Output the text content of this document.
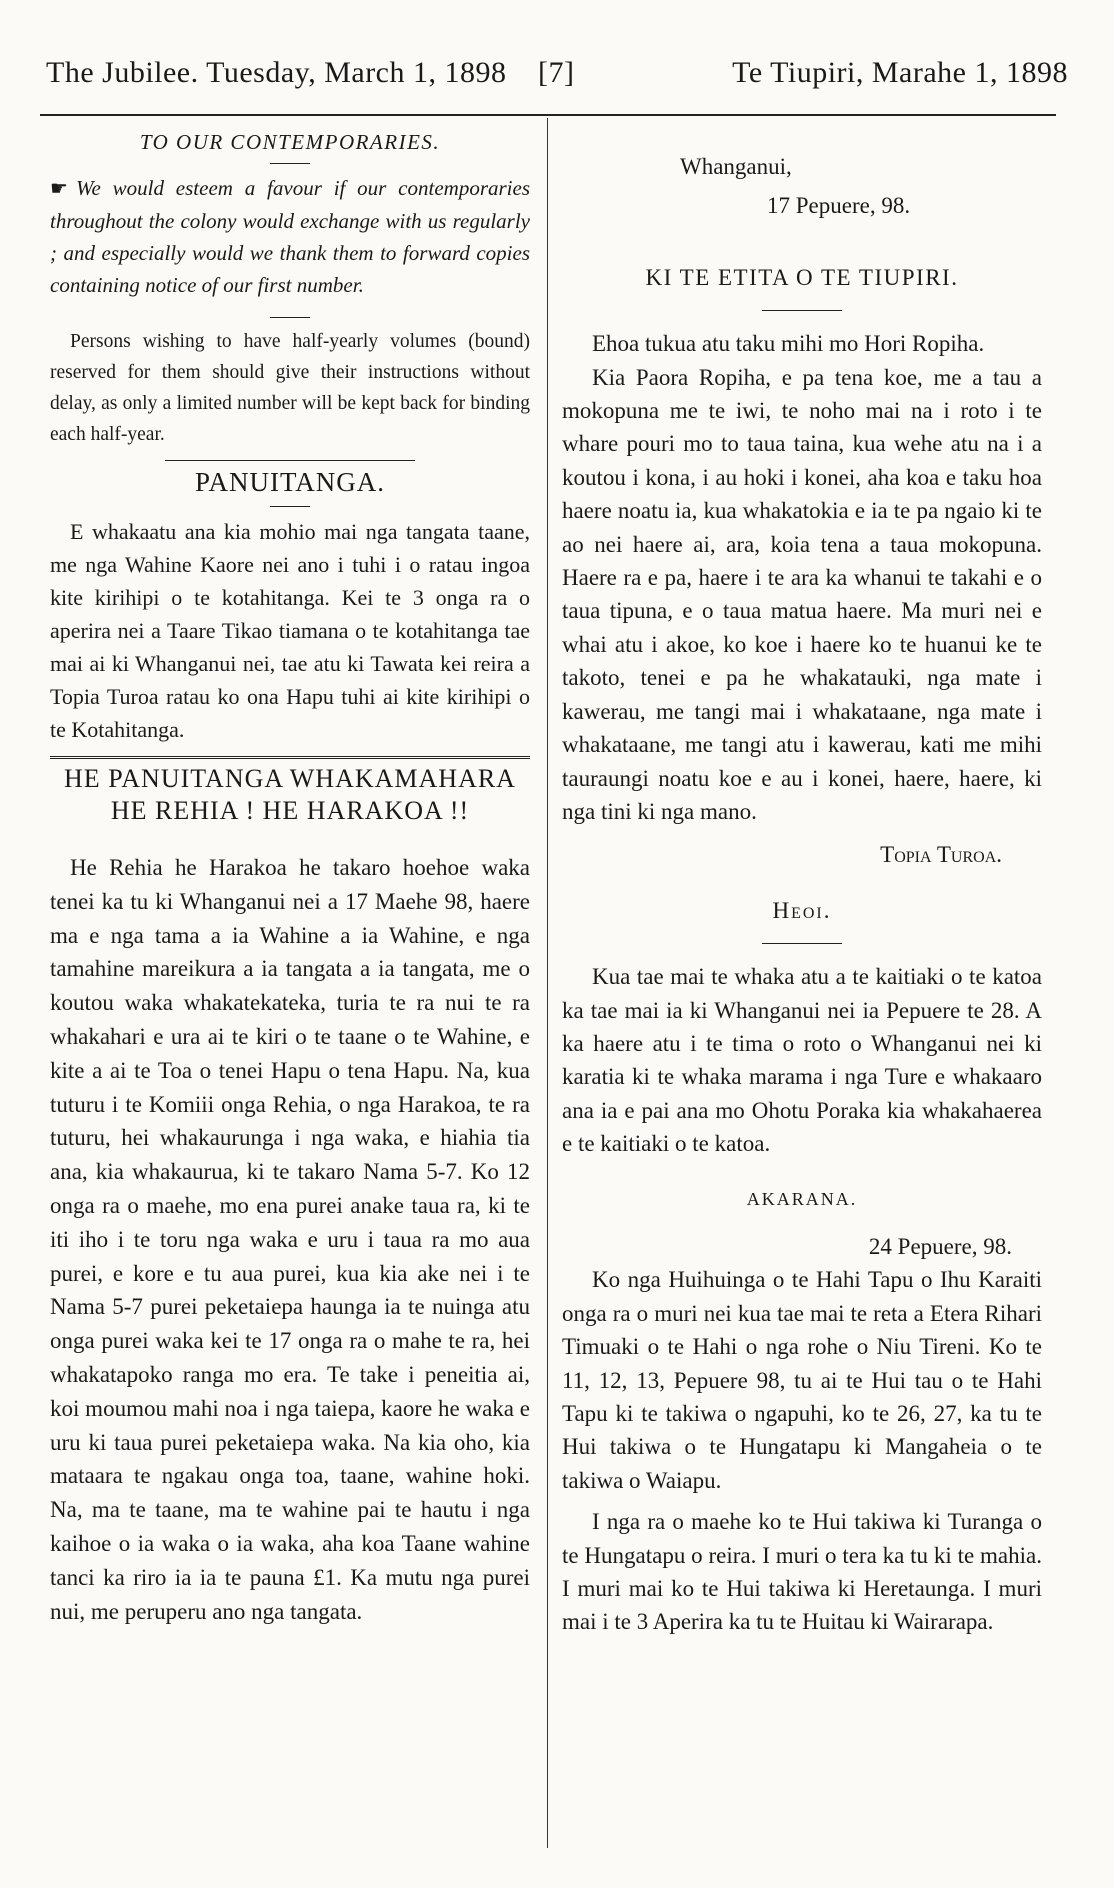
The Jubilee. Tuesday, March 1, 1898 [7]	Te Tiupiri, Marahe 1, 1898

TO OUR CONTEMPORARIES.

☛ We would esteem a favour if our contemporaries throughout the colony would exchange with us regularly ; and especially would we thank them to forward copies containing notice of our first number.

Persons wishing to have half-yearly volumes (bound) reserved for them should give their instructions without delay, as only a limited number will be kept back for binding each half-year.

PANUITANGA.

E whakaatu ana kia mohio mai nga tangata taane, me nga Wahine Kaore nei ano i tuhi i o ratau ingoa kite kirihipi o te kotahitanga. Kei te 3 onga ra o aperira nei a Taare Tikao tiamana o te kotahitanga tae mai ai ki Whanganui nei, tae atu ki Tawata kei reira a Topia Turoa ratau ko ona Hapu tuhi ai kite kirihipi o te Kotahitanga.

HE PANUITANGA WHAKAMAHARA

HE REHIA ! HE HARAKOA !!

He Rehia he Harakoa he takaro hoehoe waka tenei ka tu ki Whanganui nei a 17 Maehe 98, haere ma e nga tama a ia Wahine a ia Wahine, e nga tamahine mareikura a ia tangata a ia tangata, me o koutou waka whakatekateka, turia te ra nui te ra whakahari e ura ai te kiri o te taane o te Wahine, e kite a ai te Toa o tenei Hapu o tena Hapu. Na, kua tuturu i te Komiii onga Rehia, o nga Harakoa, te ra tuturu, hei whakaurunga i nga waka, e hiahia tia ana, kia whakaurua, ki te takaro Nama 5-7. Ko 12 onga ra o maehe, mo ena purei anake taua ra, ki te iti iho i te toru nga waka e uru i taua ra mo aua purei, e kore e tu aua purei, kua kia ake nei i te Nama 5-7 purei peketaiepa haunga ia te nuinga atu onga purei waka kei te 17 onga ra o mahe te ra, hei whakatapoko ranga mo era. Te take i peneitia ai, koi moumou mahi noa i nga taiepa, kaore he waka e uru ki taua purei peketaiepa waka. Na kia oho, kia mataara te ngakau onga toa, taane, wahine hoki. Na, ma te taane, ma te wahine pai te hautu i nga kaihoe o ia waka o ia waka, aha koa Taane wahine tanci ka riro ia ia te pauna £1. Ka mutu nga purei nui, me peruperu ano nga tangata.

Whanganui,

17 Pepuere, 98.

KI TE ETITA O TE TIUPIRI.

Ehoa tukua atu taku mihi mo Hori Ropiha.

Kia Paora Ropiha, e pa tena koe, me a tau a mokopuna me te iwi, te noho mai na i roto i te whare pouri mo to taua taina, kua wehe atu na i a koutou i kona, i au hoki i konei, aha koa e taku hoa haere noatu ia, kua whakatokia e ia te pa ngaio ki te ao nei haere ai, ara, koia tena a taua mokopuna. Haere ra e pa, haere i te ara ka whanui te takahi e o taua tipuna, e o taua matua haere. Ma muri nei e whai atu i akoe, ko koe i haere ko te huanui ke te takoto, tenei e pa he whakatauki, nga mate i kawerau, me tangi mai i whakataane, nga mate i whakataane, me tangi atu i kawerau, kati me mihi tauraungi noatu koe e au i konei, haere, haere, ki nga tini ki nga mano.

Topia Turoa.

Heoi.

Kua tae mai te whaka atu a te kaitiaki o te katoa ka tae mai ia ki Whanganui nei ia Pepuere te 28. A ka haere atu i te tima o roto o Whanganui nei ki karatia ki te whaka marama i nga Ture e whakaaro ana ia e pai ana mo Ohotu Poraka kia whakahaerea e te kaitiaki o te katoa.

AKARANA.

24 Pepuere, 98.

Ko nga Huihuinga o te Hahi Tapu o Ihu Karaiti onga ra o muri nei kua tae mai te reta a Etera Rihari Timuaki o te Hahi o nga rohe o Niu Tireni. Ko te 11, 12, 13, Pepuere 98, tu ai te Hui tau o te Hahi Tapu ki te takiwa o ngapuhi, ko te 26, 27, ka tu te Hui takiwa o te Hungatapu ki Mangaheia o te takiwa o Waiapu.

I nga ra o maehe ko te Hui takiwa ki Turanga o te Hungatapu o reira. I muri o tera ka tu ki te mahia. I muri mai ko te Hui takiwa ki Heretaunga. I muri mai i te 3 Aperira ka tu te Huitau ki Wairarapa.
